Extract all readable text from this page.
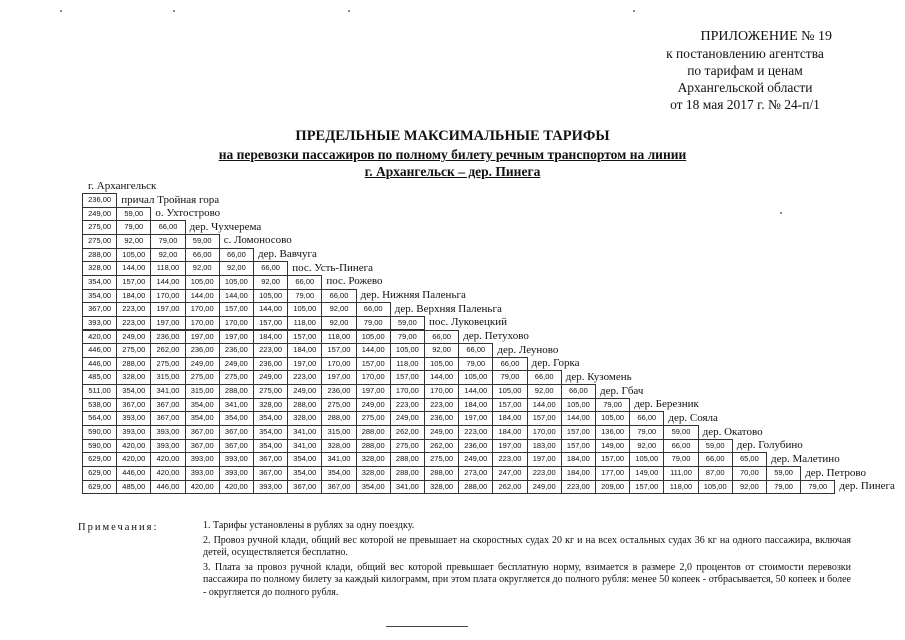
ПРИЛОЖЕНИЕ № 19
к постановлению агентства
по тарифам и ценам
Архангельской области
от 18 мая 2017 г. № 24-п/1
ПРЕДЕЛЬНЫЕ МАКСИМАЛЬНЫЕ ТАРИФЫ
на перевозки пассажиров по полному билету речным транспортом на линии
г. Архангельск – дер. Пинега
г. Архангельск
236,00 причал Тройная гора
249,00	59,00	о. Ухтострово
275,00	79,00	66,00	дер. Чухчерема
275,00	92,00	79,00	59,00	с. Ломоносово
288,00	105,00	92,00	66,00	66,00	дер. Вавчуга
328,00	144,00	118,00	92,00	92,00	66,00	пос. Усть-Пинега
354,00	157,00	144,00	105,00	105,00	92,00	66,00	пос. Рожево
354,00	184,00	170,00	144,00	144,00	105,00	79,00	66,00	дер. Нижняя Паленьга
367,00	223,00	197,00	170,00	157,00	144,00	105,00	92,00	66,00	дер. Верхняя Паленьга
393,00	223,00	197,00	170,00	170,00	157,00	118,00	92,00	79,00	59,00	пос. Луковецкий
420,00	249,00	236,00	197,00	197,00	184,00	157,00	118,00	105,00	79,00	66,00	дер. Петухово
446,00	275,00	262,00	236,00	236,00	223,00	184,00	157,00	144,00	105,00	92,00	66,00	дер. Леуново
446,00	288,00	275,00	249,00	249,00	236,00	197,00	170,00	157,00	118,00	105,00	79,00	66,00	дер. Горка
485,00	328,00	315,00	275,00	275,00	249,00	223,00	197,00	170,00	157,00	144,00	105,00	79,00	66,00	дер. Кузомень
511,00	354,00	341,00	315,00	288,00	275,00	249,00	236,00	197,00	170,00	170,00	144,00	105,00	92,00	66,00	дер. Гбач
538,00	367,00	367,00	354,00	341,00	328,00	288,00	275,00	249,00	223,00	223,00	184,00	157,00	144,00	105,00	79,00	дер. Березник
564,00	393,00	367,00	354,00	354,00	354,00	328,00	288,00	275,00	249,00	236,00	197,00	184,00	157,00	144,00	105,00	66,00	дер. Сояла
590,00	393,00	393,00	367,00	367,00	354,00	341,00	315,00	288,00	262,00	249,00	223,00	184,00	170,00	157,00	136,00	79,00	59,00	дер. Окатово
590,00	420,00	393,00	367,00	367,00	354,00	341,00	328,00	288,00	275,00	262,00	236,00	197,00	183,00	157,00	149,00	92,00	66,00	59,00	дер. Голубино
629,00	420,00	420,00	393,00	393,00	367,00	354,00	341,00	328,00	288,00	275,00	249,00	223,00	197,00	184,00	157,00	105,00	79,00	66,00	65,00	дер. Малетино
629,00	446,00	420,00	393,00	393,00	367,00	354,00	354,00	328,00	288,00	288,00	273,00	247,00	223,00	184,00	177,00	149,00	111,00	87,00	70,00	59,00	дер. Петрово
629,00	485,00	446,00	420,00	420,00	393,00	367,00	367,00	354,00	341,00	328,00	288,00	262,00	249,00	223,00	209,00	157,00	118,00	105,00	92,00	79,00	79,00	дер. Пинега
Примечания:	1. Тарифы установлены в рублях за одну поездку.

2. Провоз ручной клади, общий вес которой не превышает на скоростных судах 20 кг и на всех остальных судах 36 кг на одного пассажира, включая детей, осуществляется бесплатно.

3. Плата за провоз ручной клади, общий вес которой превышает бесплатную норму, взимается в размере 2,0 процентов от стоимости перевозки пассажира по полному билету за каждый килограмм, при этом плата округляется до полного рубля: менее 50 копеек - отбрасывается, 50 копеек и более - округляется до полного рубля.
